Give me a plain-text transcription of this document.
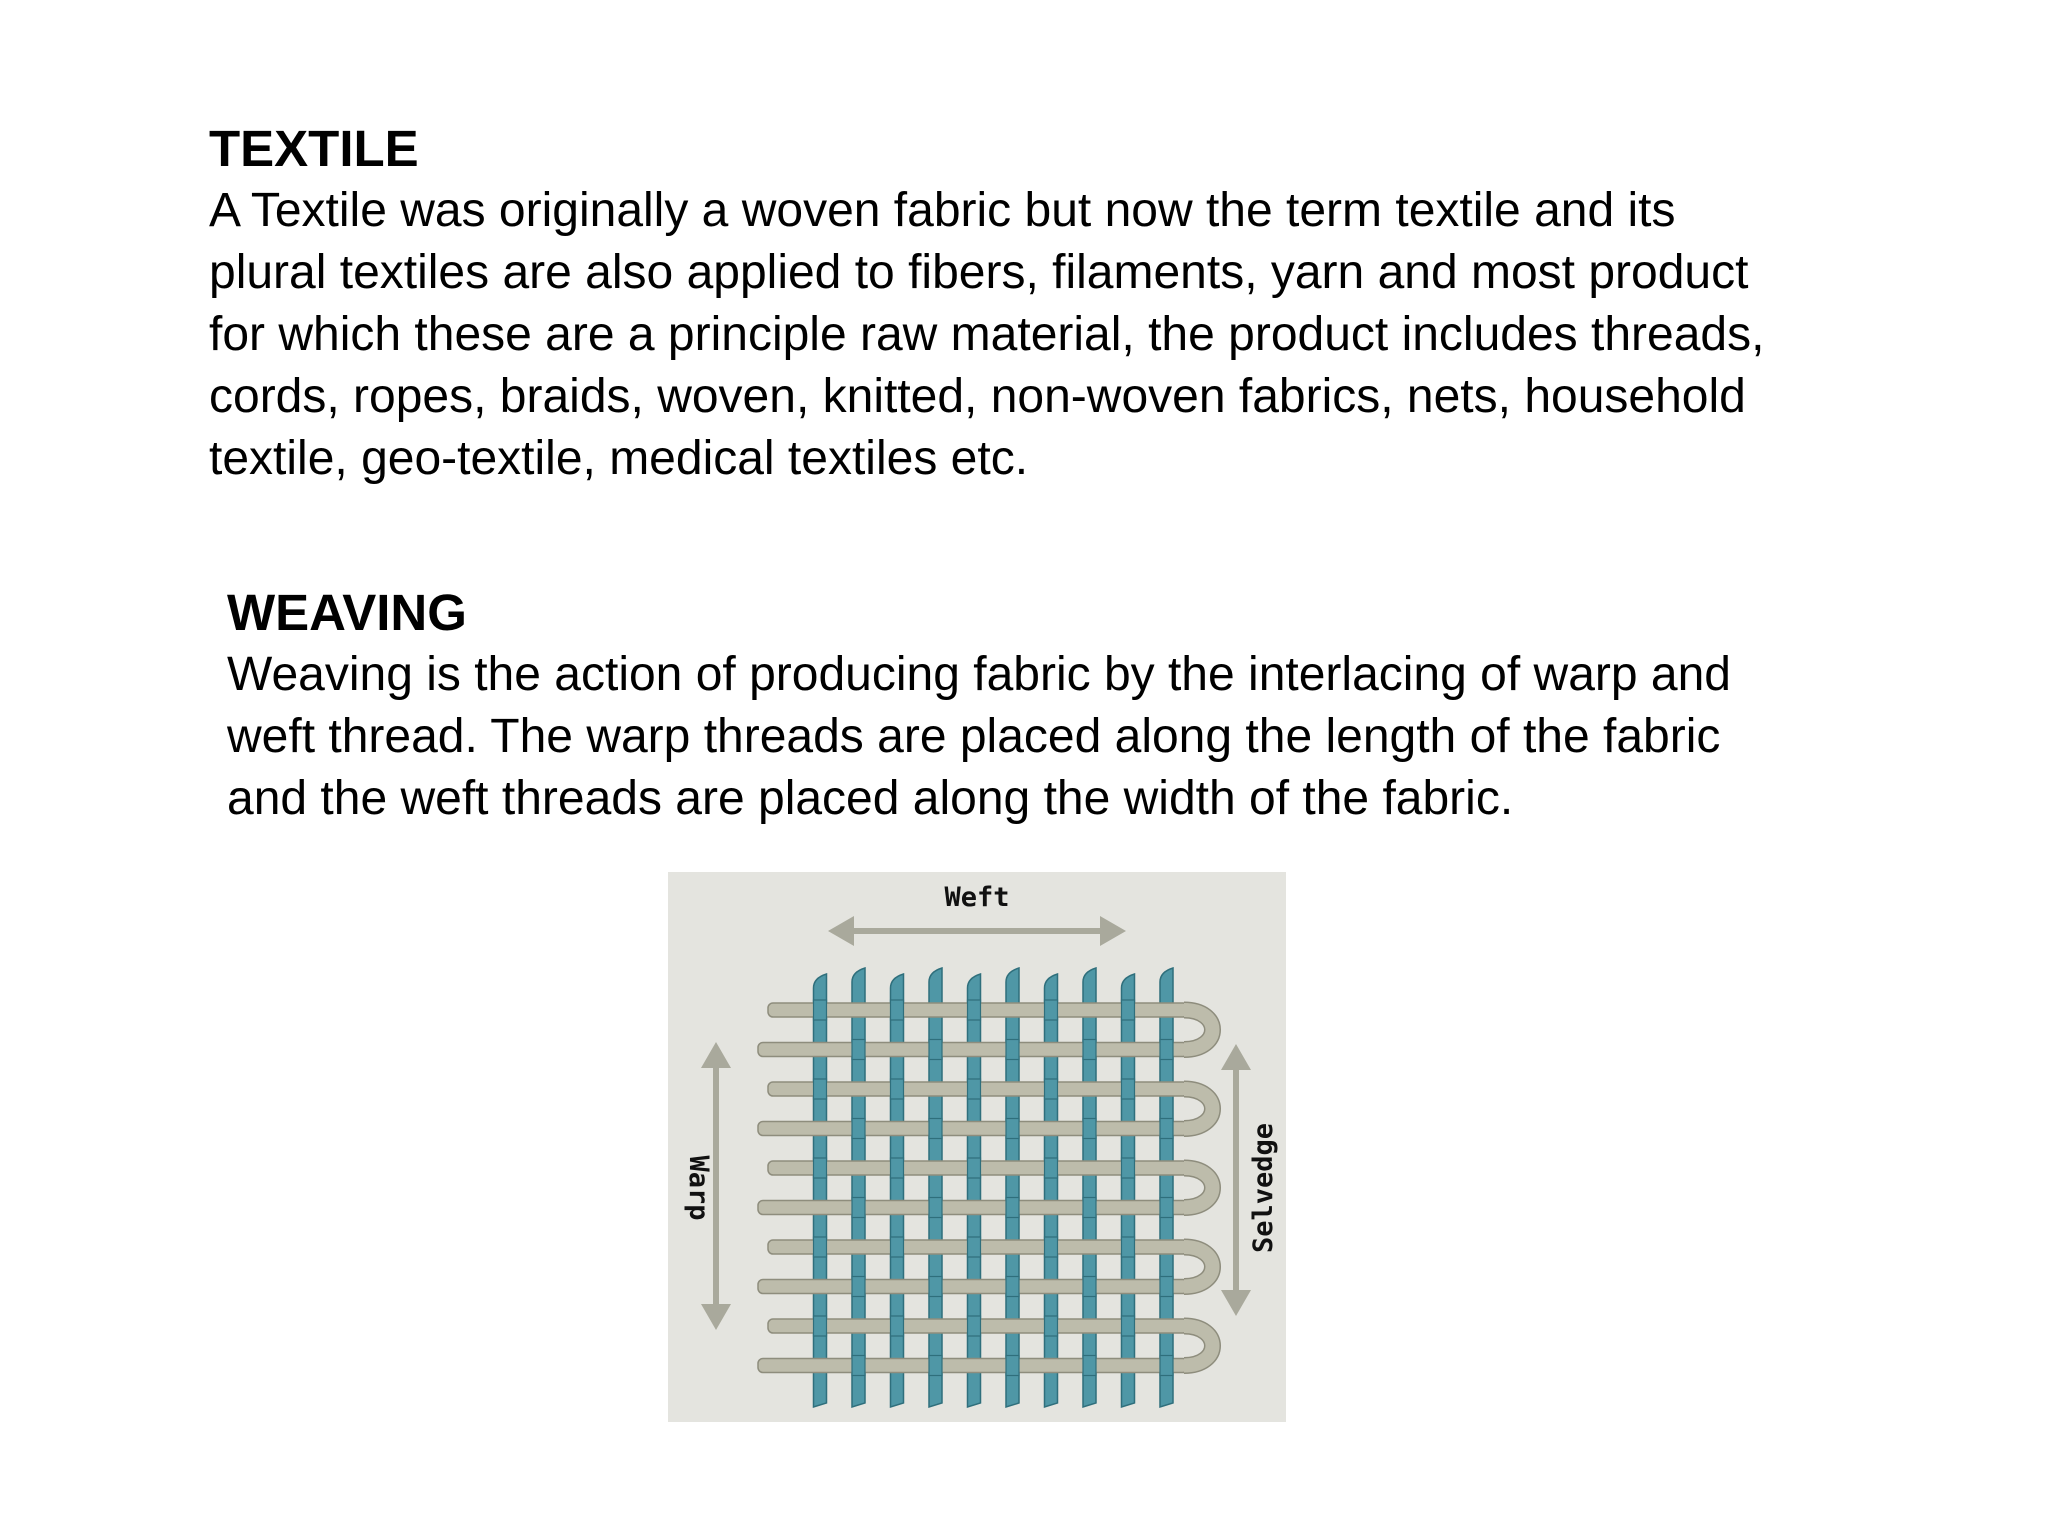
TEXTILE

A Textile was originally a woven fabric but now the term textile and its
plural textiles are also applied to fibers, filaments, yarn and most product
for which these are a principle raw material, the product includes threads,
cords, ropes, braids, woven, knitted, non-woven fabrics, nets, household
textile, geo-textile, medical textiles etc.

WEAVING

Weaving is the action of producing fabric by the interlacing of warp and
weft thread. The warp threads are placed along the length of the fabric
and the weft threads are placed along the width of the fabric.

Weft
Warp	Selvedge
